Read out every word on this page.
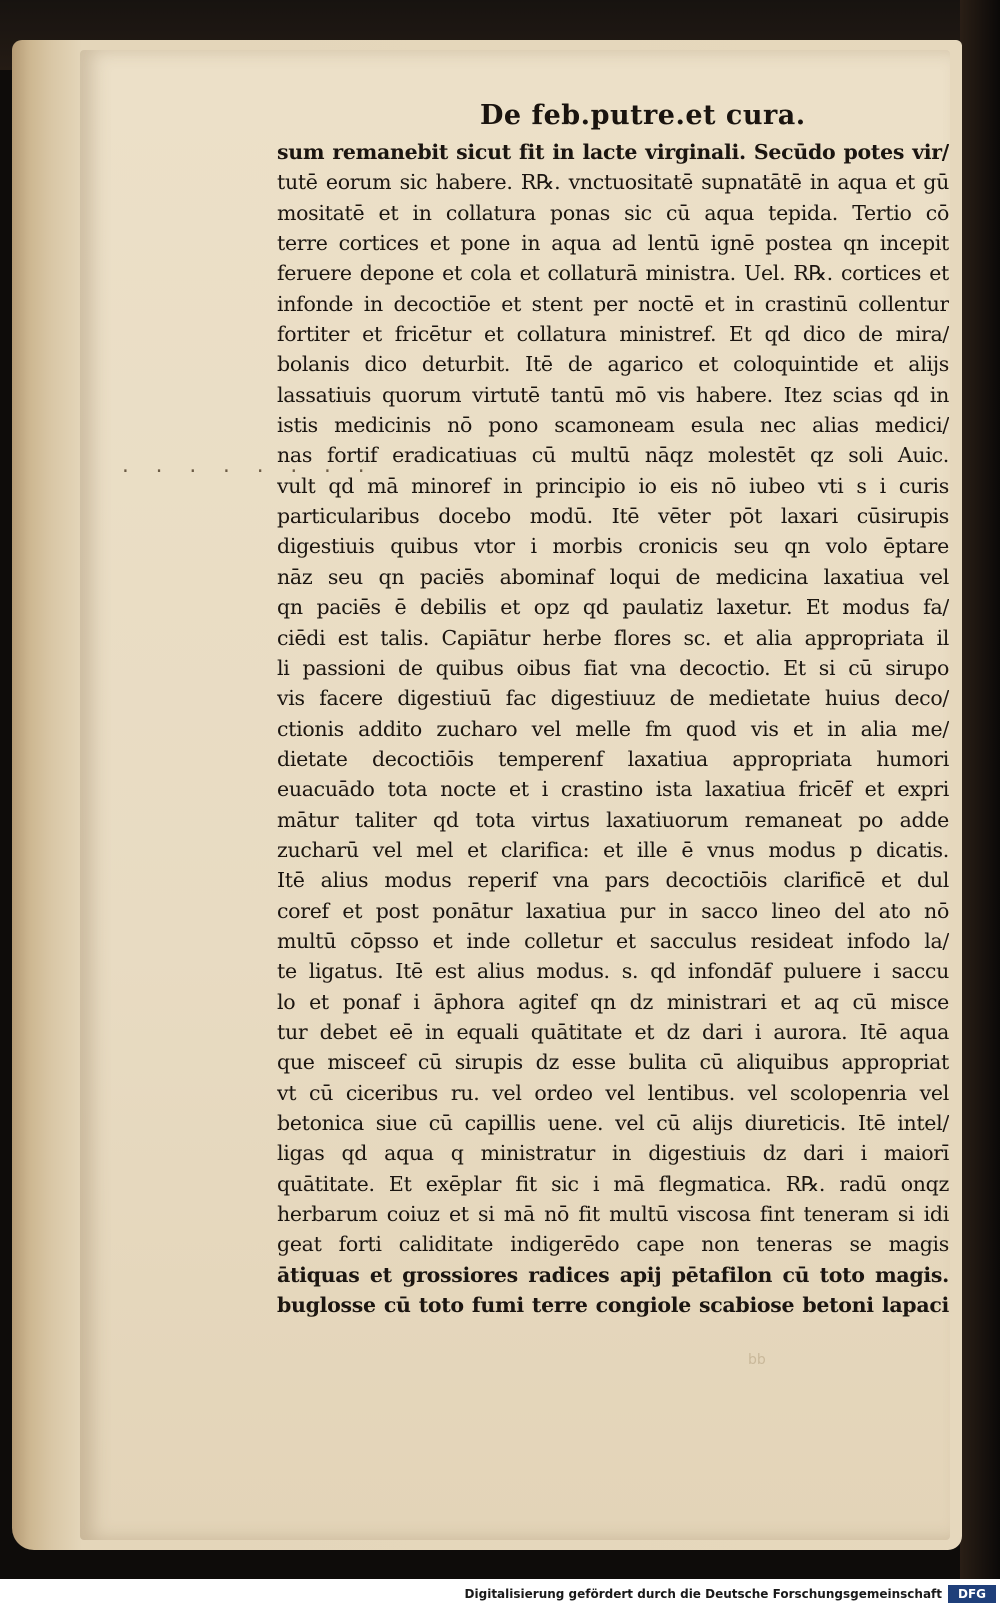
De feb.putre.et cura.
· · · · · · · ·
sum remanebit sicut fit in lacte virginali. Secūdo potes vir/
tutē eorum sic habere. R℞. vnctuositatē supnatātē in aqua et gū
mositatē et in collatura ponas sic cū aqua tepida. Tertio cō
terre cortices et pone in aqua ad lentū ignē postea qn incepit
feruere depone et cola et collaturā ministra. Uel. R℞. cortices et
infonde in decoctiōe et stent per noctē et in crastinū collentur
fortiter et fricētur et collatura ministref. Et qd dico de mira/
bolanis dico deturbit. Itē de agarico et coloquintide et alijs
lassatiuis quorum virtutē tantū mō vis habere. Itez scias qd in
istis medicinis nō pono scamoneam esula nec alias medici/
nas fortif eradicatiuas cū multū nāqz molestēt qz soli Auic.
vult qd mā minoref in principio io eis nō iubeo vti s i curis
particularibus docebo modū. Itē vēter pōt laxari cūsirupis
digestiuis quibus vtor i morbis cronicis seu qn volo ēptare
nāz seu qn paciēs abominaf loqui de medicina laxatiua vel
qn paciēs ē debilis et opz qd paulatiz laxetur. Et modus fa/
ciēdi est talis. Capiātur herbe flores sc. et alia appropriata il
li passioni de quibus oibus fiat vna decoctio. Et si cū sirupo
vis facere digestiuū fac digestiuuz de medietate huius deco/
ctionis addito zucharo vel melle fm quod vis et in alia me/
dietate decoctiōis temperenf laxatiua appropriata humori
euacuādo tota nocte et i crastino ista laxatiua fricēf et expri
mātur taliter qd tota virtus laxatiuorum remaneat po adde
zucharū vel mel et clarifica: et ille ē vnus modus p dicatis.
Itē alius modus reperif vna pars decoctiōis clarificē et dul
coref et post ponātur laxatiua pur in sacco lineo del ato nō
multū cōpsso et inde colletur et sacculus resideat infodo la/
te ligatus. Itē est alius modus. s. qd infondāf puluere i saccu
lo et ponaf i āphora agitef qn dz ministrari et aq cū misce
tur debet eē in equali quātitate et dz dari i aurora. Itē aqua
que misceef cū sirupis dz esse bulita cū aliquibus appropriat
vt cū ciceribus ru. vel ordeo vel lentibus. vel scolopenria vel
betonica siue cū capillis uene. vel cū alijs diureticis. Itē intel/
ligas qd aqua q ministratur in digestiuis dz dari i maiorī
quātitate. Et exēplar fit sic i mā flegmatica. R℞. radū onqz
herbarum coiuz et si mā nō fit multū viscosa fint teneram si idi
geat forti caliditate indigerēdo cape non teneras se magis
ātiquas et grossiores radices apij pētafilon cū toto magis.
buglosse cū toto fumi terre congiole scabiose betoni lapaci
bb
Digitalisierung gefördert durch die Deutsche Forschungsgemeinschaft	DFG
